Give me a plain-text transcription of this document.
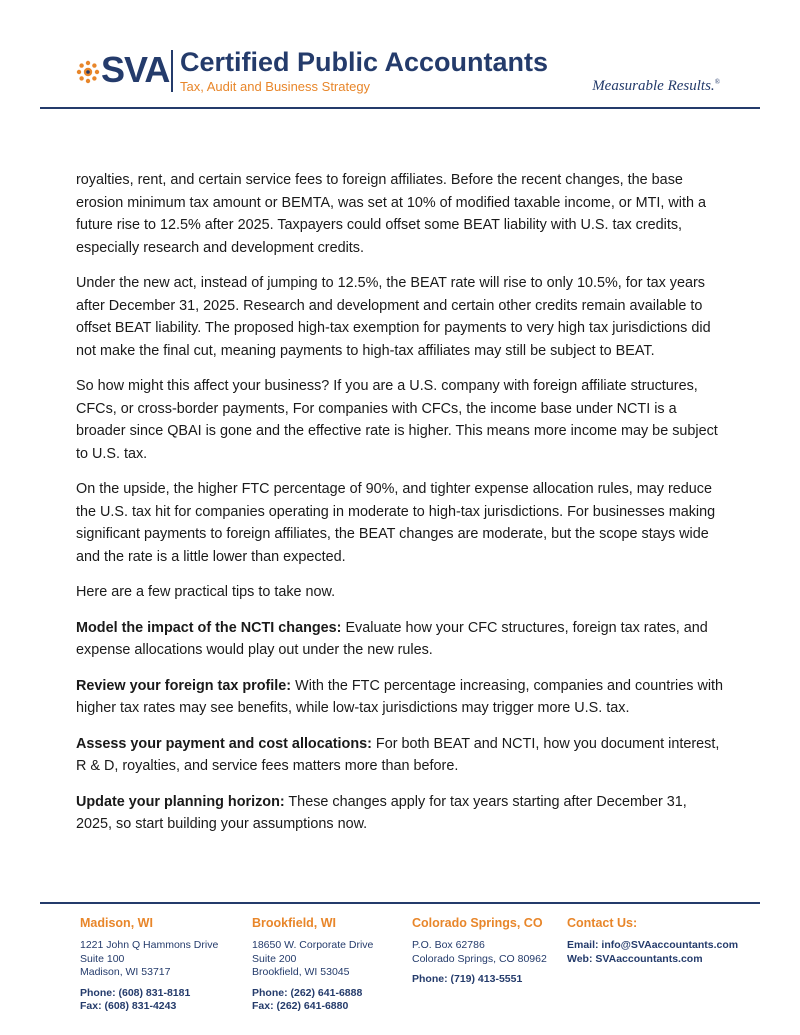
SVA Certified Public Accountants
Tax, Audit and Business Strategy	Measurable Results.®

royalties, rent, and certain service fees to foreign affiliates. Before the recent changes, the base erosion minimum tax amount or BEMTA, was set at 10% of modified taxable income, or MTI, with a future rise to 12.5% after 2025. Taxpayers could offset some BEAT liability with U.S. tax credits, especially research and development credits.

Under the new act, instead of jumping to 12.5%, the BEAT rate will rise to only 10.5%, for tax years after December 31, 2025. Research and development and certain other credits remain available to offset BEAT liability. The proposed high-tax exemption for payments to very high tax jurisdictions did not make the final cut, meaning payments to high-tax affiliates may still be subject to BEAT.

So how might this affect your business? If you are a U.S. company with foreign affiliate structures, CFCs, or cross-border payments, For companies with CFCs, the income base under NCTI is a broader since QBAI is gone and the effective rate is higher. This means more income may be subject to U.S. tax.

On the upside, the higher FTC percentage of 90%, and tighter expense allocation rules, may reduce the U.S. tax hit for companies operating in moderate to high-tax jurisdictions. For businesses making significant payments to foreign affiliates, the BEAT changes are moderate, but the scope stays wide and the rate is a little lower than expected.

Here are a few practical tips to take now.

Model the impact of the NCTI changes: Evaluate how your CFC structures, foreign tax rates, and expense allocations would play out under the new rules.

Review your foreign tax profile: With the FTC percentage increasing, companies and countries with higher tax rates may see benefits, while low-tax jurisdictions may trigger more U.S. tax.

Assess your payment and cost allocations: For both BEAT and NCTI, how you document interest, R & D, royalties, and service fees matters more than before.

Update your planning horizon: These changes apply for tax years starting after December 31, 2025, so start building your assumptions now.

Madison, WI
1221 John Q Hammons Drive
Suite 100
Madison, WI 53717
Phone: (608) 831-8181
Fax: (608) 831-4243
Brookfield, WI
18650 W. Corporate Drive
Suite 200
Brookfield, WI 53045
Phone: (262) 641-6888
Fax: (262) 641-6880
Colorado Springs, CO
P.O. Box 62786
Colorado Springs, CO 80962
Phone: (719) 413-5551
Contact Us:
Email: info@SVAaccountants.com
Web: SVAaccountants.com
